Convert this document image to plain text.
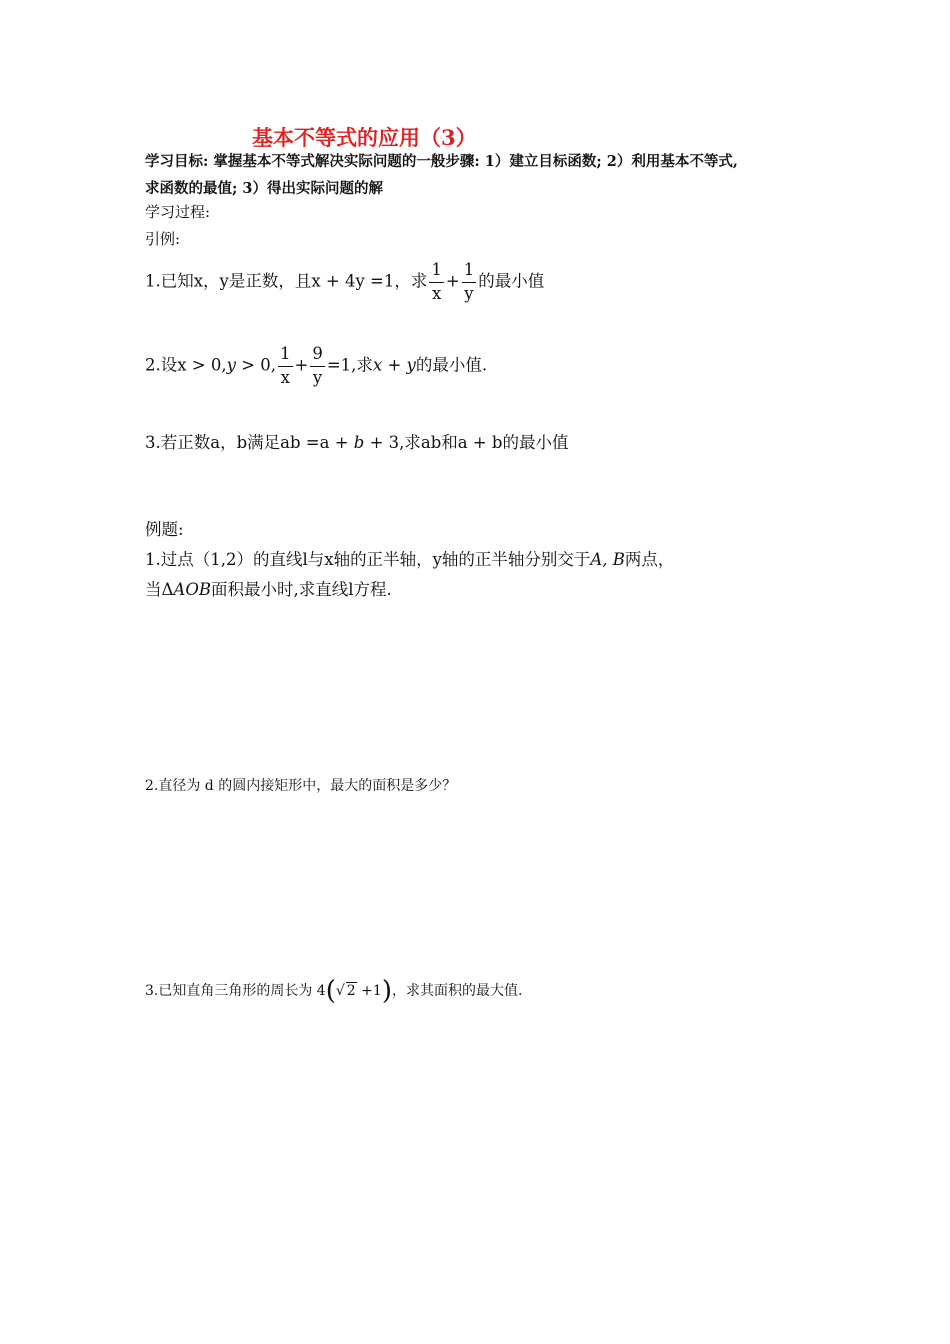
基本不等式的应用（3）
学习目标: 掌握基本不等式解决实际问题的一般步骤: 1）建立目标函数; 2）利用基本不等式,
求函数的最值; 3）得出实际问题的解
学习过程:
引例:
1.已知x，y是正数，且x + 4y =1，求 $\frac{1}{x} + \frac{1}{y}$ 的最小值
2.设x > 0,y > 0, $\frac{1}{x} + \frac{9}{y} =1$,求x + y的最小值.
3.若正数a，b满足ab =a + b + 3,求ab和a + b的最小值
例题:
1.过点（1,2）的直线l与x轴的正半轴，y轴的正半轴分别交于A, B两点，
当ΔAOB面积最小时,求直线l方程.
2.直径为 d 的圆内接矩形中，最大的面积是多少？
3.已知直角三角形的周长为 4(√ 2 +1)，求其面积的最大值.
